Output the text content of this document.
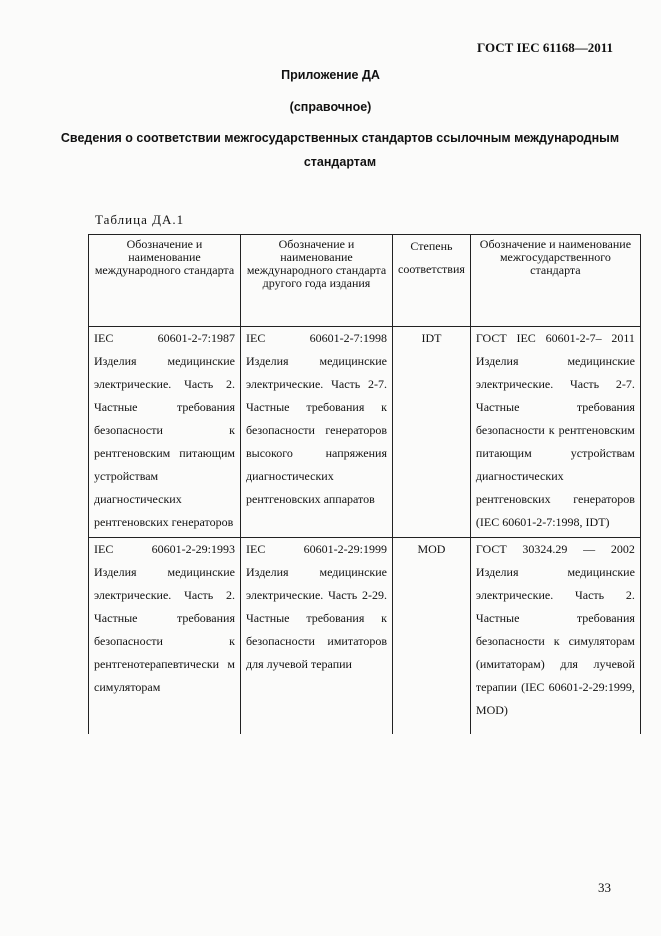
ГОСТ IEC 61168—2011
Приложение ДА
(справочное)
Сведения о соответствии межгосударственных стандартов ссылочным международным стандартам
Таблица ДА.1
Обозначение и наименование международного стандарта	Обозначение и наименование международного стандарта другого года издания	Степень соответствия	Обозначение и наименование межгосударственного стандарта
IEC 60601-2-7:1987 Изделия медицинские электрические. Часть 2. Частные требования безопасности к рентгеновским питающим устройствам диагностических рентгеновских генераторов	IEC 60601-2-7:1998 Изделия медицинские электрические. Часть 2-7. Частные требования к безопасности генераторов высокого напряжения диагностических рентгеновских аппаратов	IDT	ГОСТ IEC 60601-2-7– 2011 Изделия медицинские электрические. Часть 2-7. Частные требования безопасности к рентгеновским питающим устройствам диагностических рентгеновских генераторов (IEC 60601-2-7:1998, IDT)
IEC 60601-2-29:1993 Изделия медицинские электрические. Часть 2. Частные требования безопасности к рентгенотерапевтически м симуляторам	IEC 60601-2-29:1999 Изделия медицинские электрические. Часть 2-29. Частные требования к безопасности имитаторов для лучевой терапии	MOD	ГОСТ 30324.29 — 2002 Изделия медицинские электрические. Часть 2. Частные требования безопасности к симуляторам (имитаторам) для лучевой терапии (IEC 60601-2-29:1999, MOD)
33
